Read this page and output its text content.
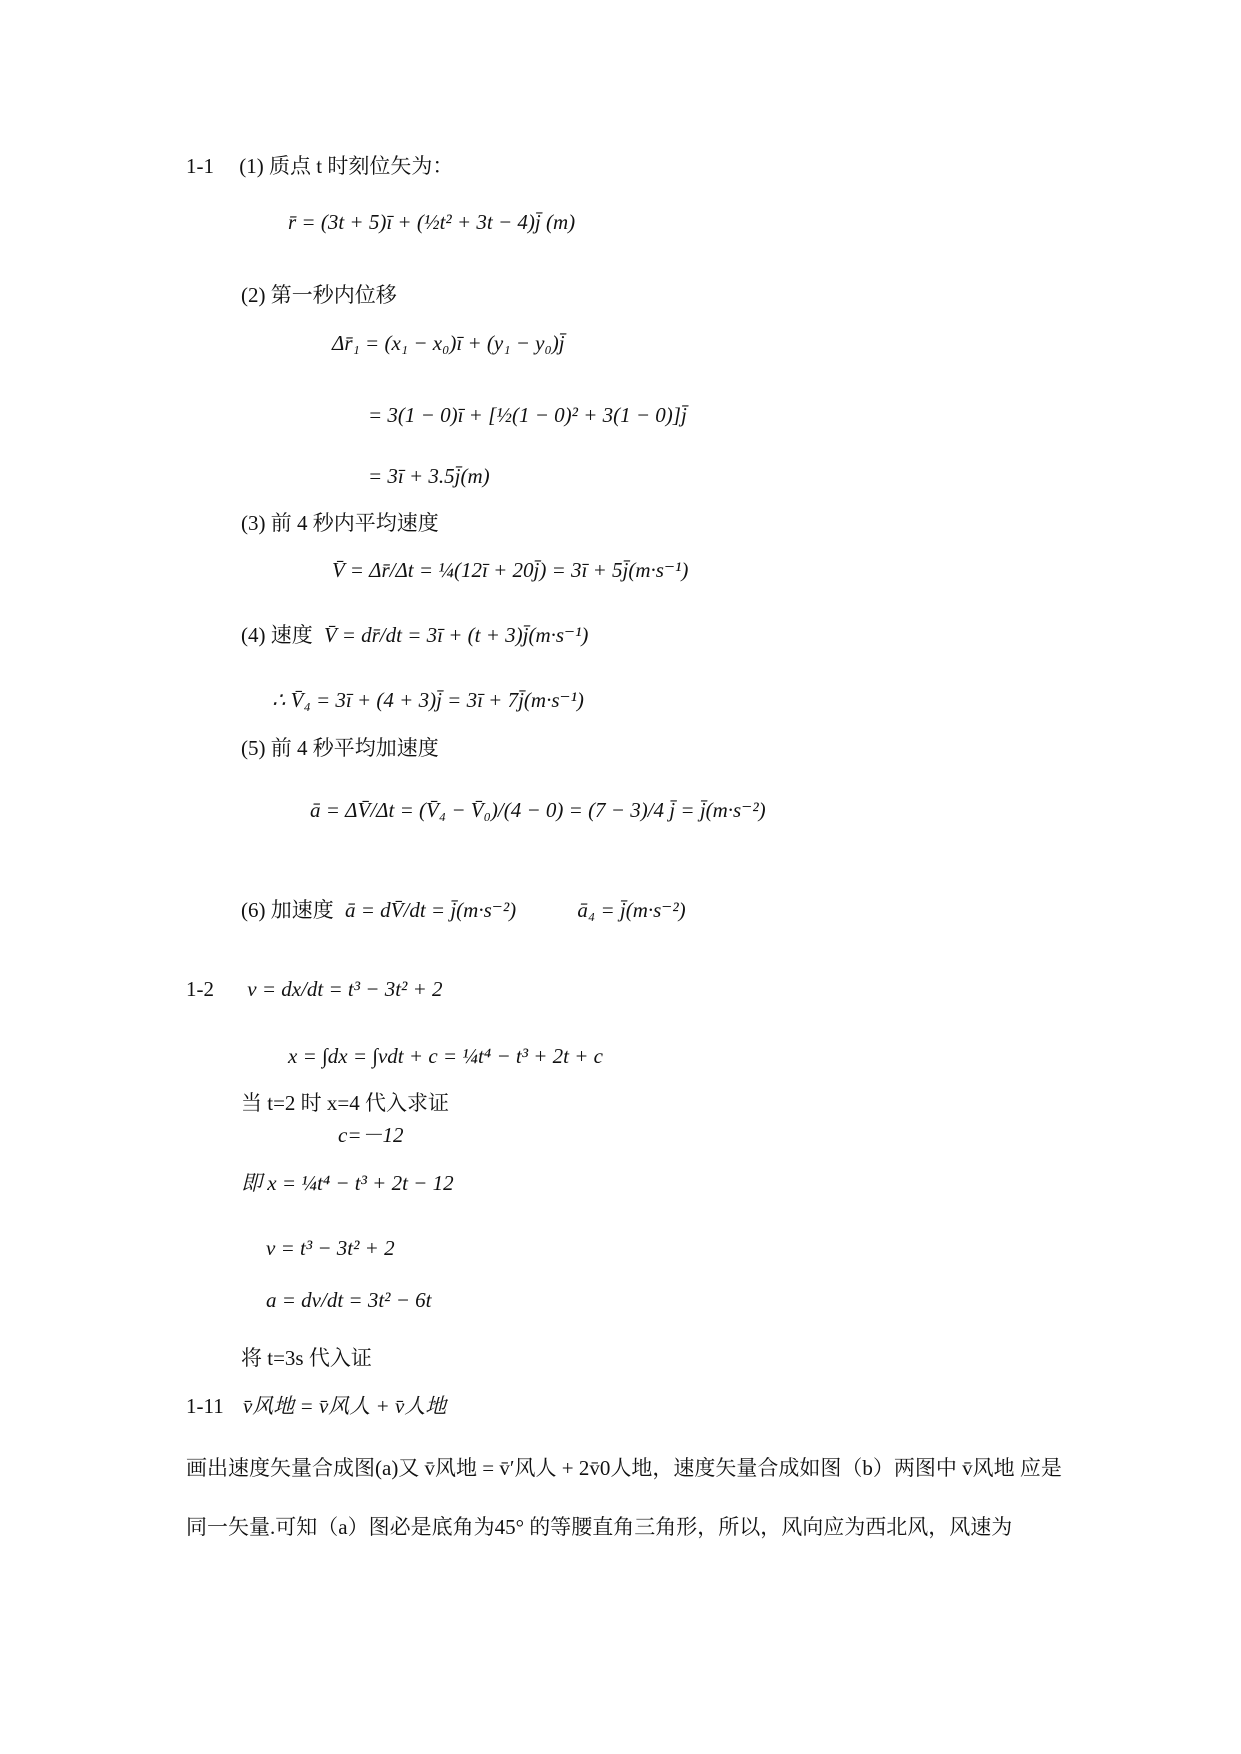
1-1 (1) 质点 t 时刻位矢为：
r̄ = (3t + 5)ī + (½t² + 3t − 4)j̄ (m)
(2) 第一秒内位移
Δr̄₁ = (x₁ − x₀)ī + (y₁ − y₀)j̄
= 3(1 − 0)ī + [½(1 − 0)² + 3(1 − 0)]j̄
= 3ī + 3.5j̄(m)
(3) 前 4 秒内平均速度
V̄ = Δr̄/Δt = ¼(12ī + 20j̄) = 3ī + 5j̄(m·s⁻¹)
(4) 速度 V̄ = dr̄/dt = 3ī + (t + 3)j̄(m·s⁻¹)
∴ V̄₄ = 3ī + (4 + 3)j̄ = 3ī + 7j̄(m·s⁻¹)
(5) 前 4 秒平均加速度
ā = ΔV̄/Δt = (V̄₄ − V̄₀)/(4 − 0) = (7 − 3)/4 j̄ = j̄(m·s⁻²)
(6) 加速度 ā = dV̄/dt = j̄(m·s⁻²)	ā₄ = j̄(m·s⁻²)
1-2 v = dx/dt = t³ − 3t² + 2
x = ∫dx = ∫vdt + c = ¼t⁴ − t³ + 2t + c
当 t=2 时 x=4 代入求证
c=－12
即 x = ¼t⁴ − t³ + 2t − 12
v = t³ − 3t² + 2
a = dv/dt = 3t² − 6t
将 t=3s 代入证
1-11 v̄风地 = v̄风人 + v̄人地
画出速度矢量合成图(a)又 v̄风地 = v̄′风人 + 2v̄0人地，速度矢量合成如图（b）两图中 v̄风地 应是
同一矢量.可知（a）图必是底角为45° 的等腰直角三角形，所以，风向应为西北风，风速为
